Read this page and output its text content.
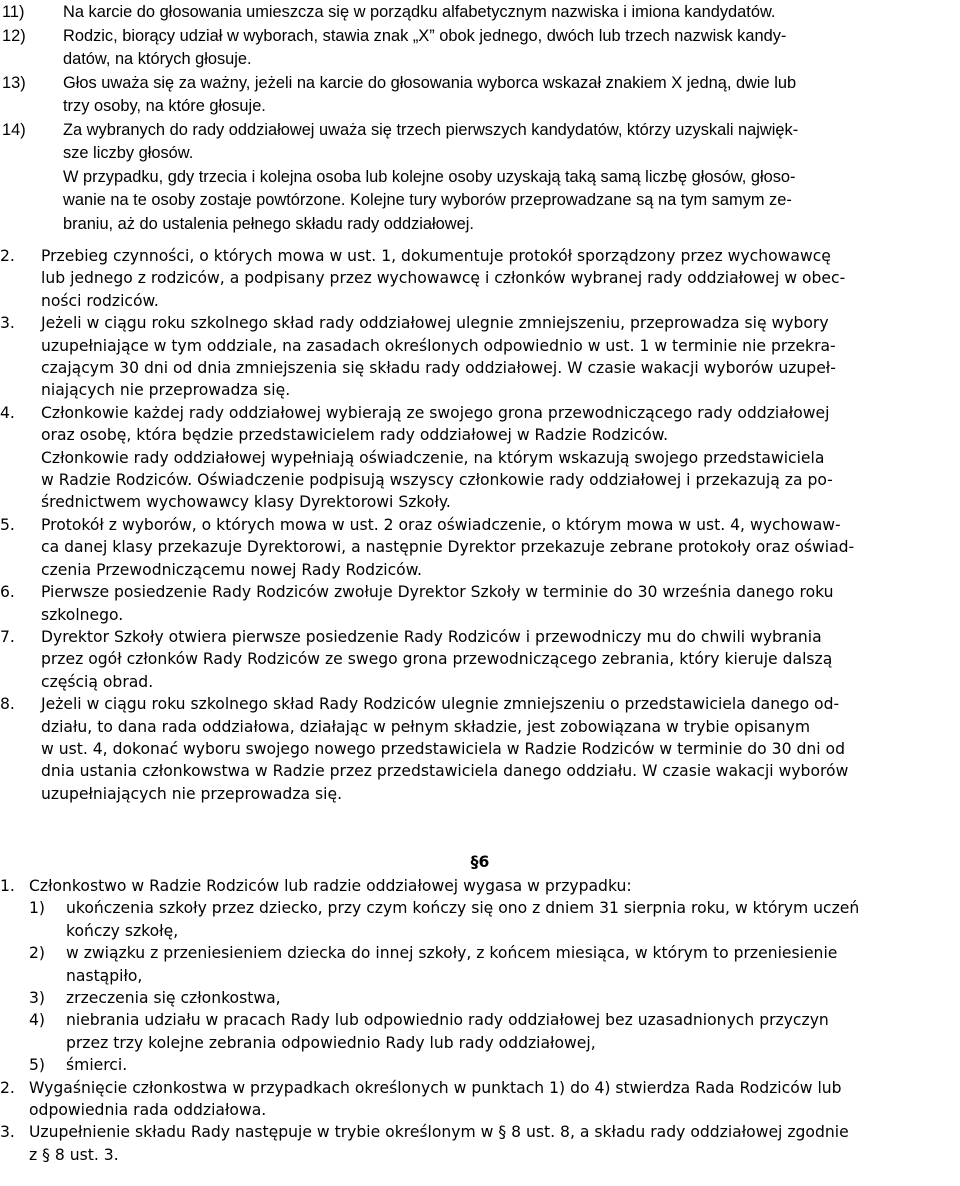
11) Na karcie do głosowania umieszcza się w porządku alfabetycznym nazwiska i imiona kandydatów.
12) Rodzic, biorący udział w wyborach, stawia znak „X” obok jednego, dwóch lub trzech nazwisk kandy-
datów, na których głosuje.
13) Głos uważa się za ważny, jeżeli na karcie do głosowania wyborca wskazał znakiem X jedną, dwie lub
trzy osoby, na które głosuje.
14) Za wybranych do rady oddziałowej uważa się trzech pierwszych kandydatów, którzy uzyskali najwięk-
sze liczby głosów.
W przypadku, gdy trzecia i kolejna osoba lub kolejne osoby uzyskają taką samą liczbę głosów, głoso-
wanie na te osoby zostaje powtórzone. Kolejne tury wyborów przeprowadzane są na tym samym ze-
braniu, aż do ustalenia pełnego składu rady oddziałowej.
2. Przebieg czynności, o których mowa w ust. 1, dokumentuje protokół sporządzony przez wychowawcę
lub jednego z rodziców, a podpisany przez wychowawcę i członków wybranej rady oddziałowej w obec-
ności rodziców.
3. Jeżeli w ciągu roku szkolnego skład rady oddziałowej ulegnie zmniejszeniu, przeprowadza się wybory
uzupełniające w tym oddziale, na zasadach określonych odpowiednio w ust. 1 w terminie nie przekra-
czającym 30 dni od dnia zmniejszenia się składu rady oddziałowej. W czasie wakacji wyborów uzupeł-
niających nie przeprowadza się.
4. Członkowie każdej rady oddziałowej wybierają ze swojego grona przewodniczącego rady oddziałowej
oraz osobę, która będzie przedstawicielem rady oddziałowej w Radzie Rodziców.
Członkowie rady oddziałowej wypełniają oświadczenie, na którym wskazują swojego przedstawiciela
w Radzie Rodziców. Oświadczenie podpisują wszyscy członkowie rady oddziałowej i przekazują za po-
średnictwem wychowawcy klasy Dyrektorowi Szkoły.
5. Protokół z wyborów, o których mowa w ust. 2 oraz oświadczenie, o którym mowa w ust. 4, wychowaw-
ca danej klasy przekazuje Dyrektorowi, a następnie Dyrektor przekazuje zebrane protokoły oraz oświad-
czenia Przewodniczącemu nowej Rady Rodziców.
6. Pierwsze posiedzenie Rady Rodziców zwołuje Dyrektor Szkoły w terminie do 30 września danego roku
szkolnego.
7. Dyrektor Szkoły otwiera pierwsze posiedzenie Rady Rodziców i przewodniczy mu do chwili wybrania
przez ogół członków Rady Rodziców ze swego grona przewodniczącego zebrania, który kieruje dalszą
częścią obrad.
8. Jeżeli w ciągu roku szkolnego skład Rady Rodziców ulegnie zmniejszeniu o przedstawiciela danego od-
działu, to dana rada oddziałowa, działając w pełnym składzie, jest zobowiązana w trybie opisanym
w ust. 4, dokonać wyboru swojego nowego przedstawiciela w Radzie Rodziców w terminie do 30 dni od
dnia ustania członkowstwa w Radzie przez przedstawiciela danego oddziału. W czasie wakacji wyborów
uzupełniających nie przeprowadza się.
§6
1. Członkostwo w Radzie Rodziców lub radzie oddziałowej wygasa w przypadku:
1) ukończenia szkoły przez dziecko, przy czym kończy się ono z dniem 31 sierpnia roku, w którym uczeń
kończy szkołę,
2) w związku z przeniesieniem dziecka do innej szkoły, z końcem miesiąca, w którym to przeniesienie
nastąpiło,
3) zrzeczenia się członkostwa,
4) niebrania udziału w pracach Rady lub odpowiednio rady oddziałowej bez uzasadnionych przyczyn
przez trzy kolejne zebrania odpowiednio Rady lub rady oddziałowej,
5) śmierci.
2. Wygaśnięcie członkostwa w przypadkach określonych w punktach 1) do 4) stwierdza Rada Rodziców lub
odpowiednia rada oddziałowa.
3. Uzupełnienie składu Rady następuje w trybie określonym w § 8 ust. 8, a składu rady oddziałowej zgodnie
z § 8 ust. 3.
